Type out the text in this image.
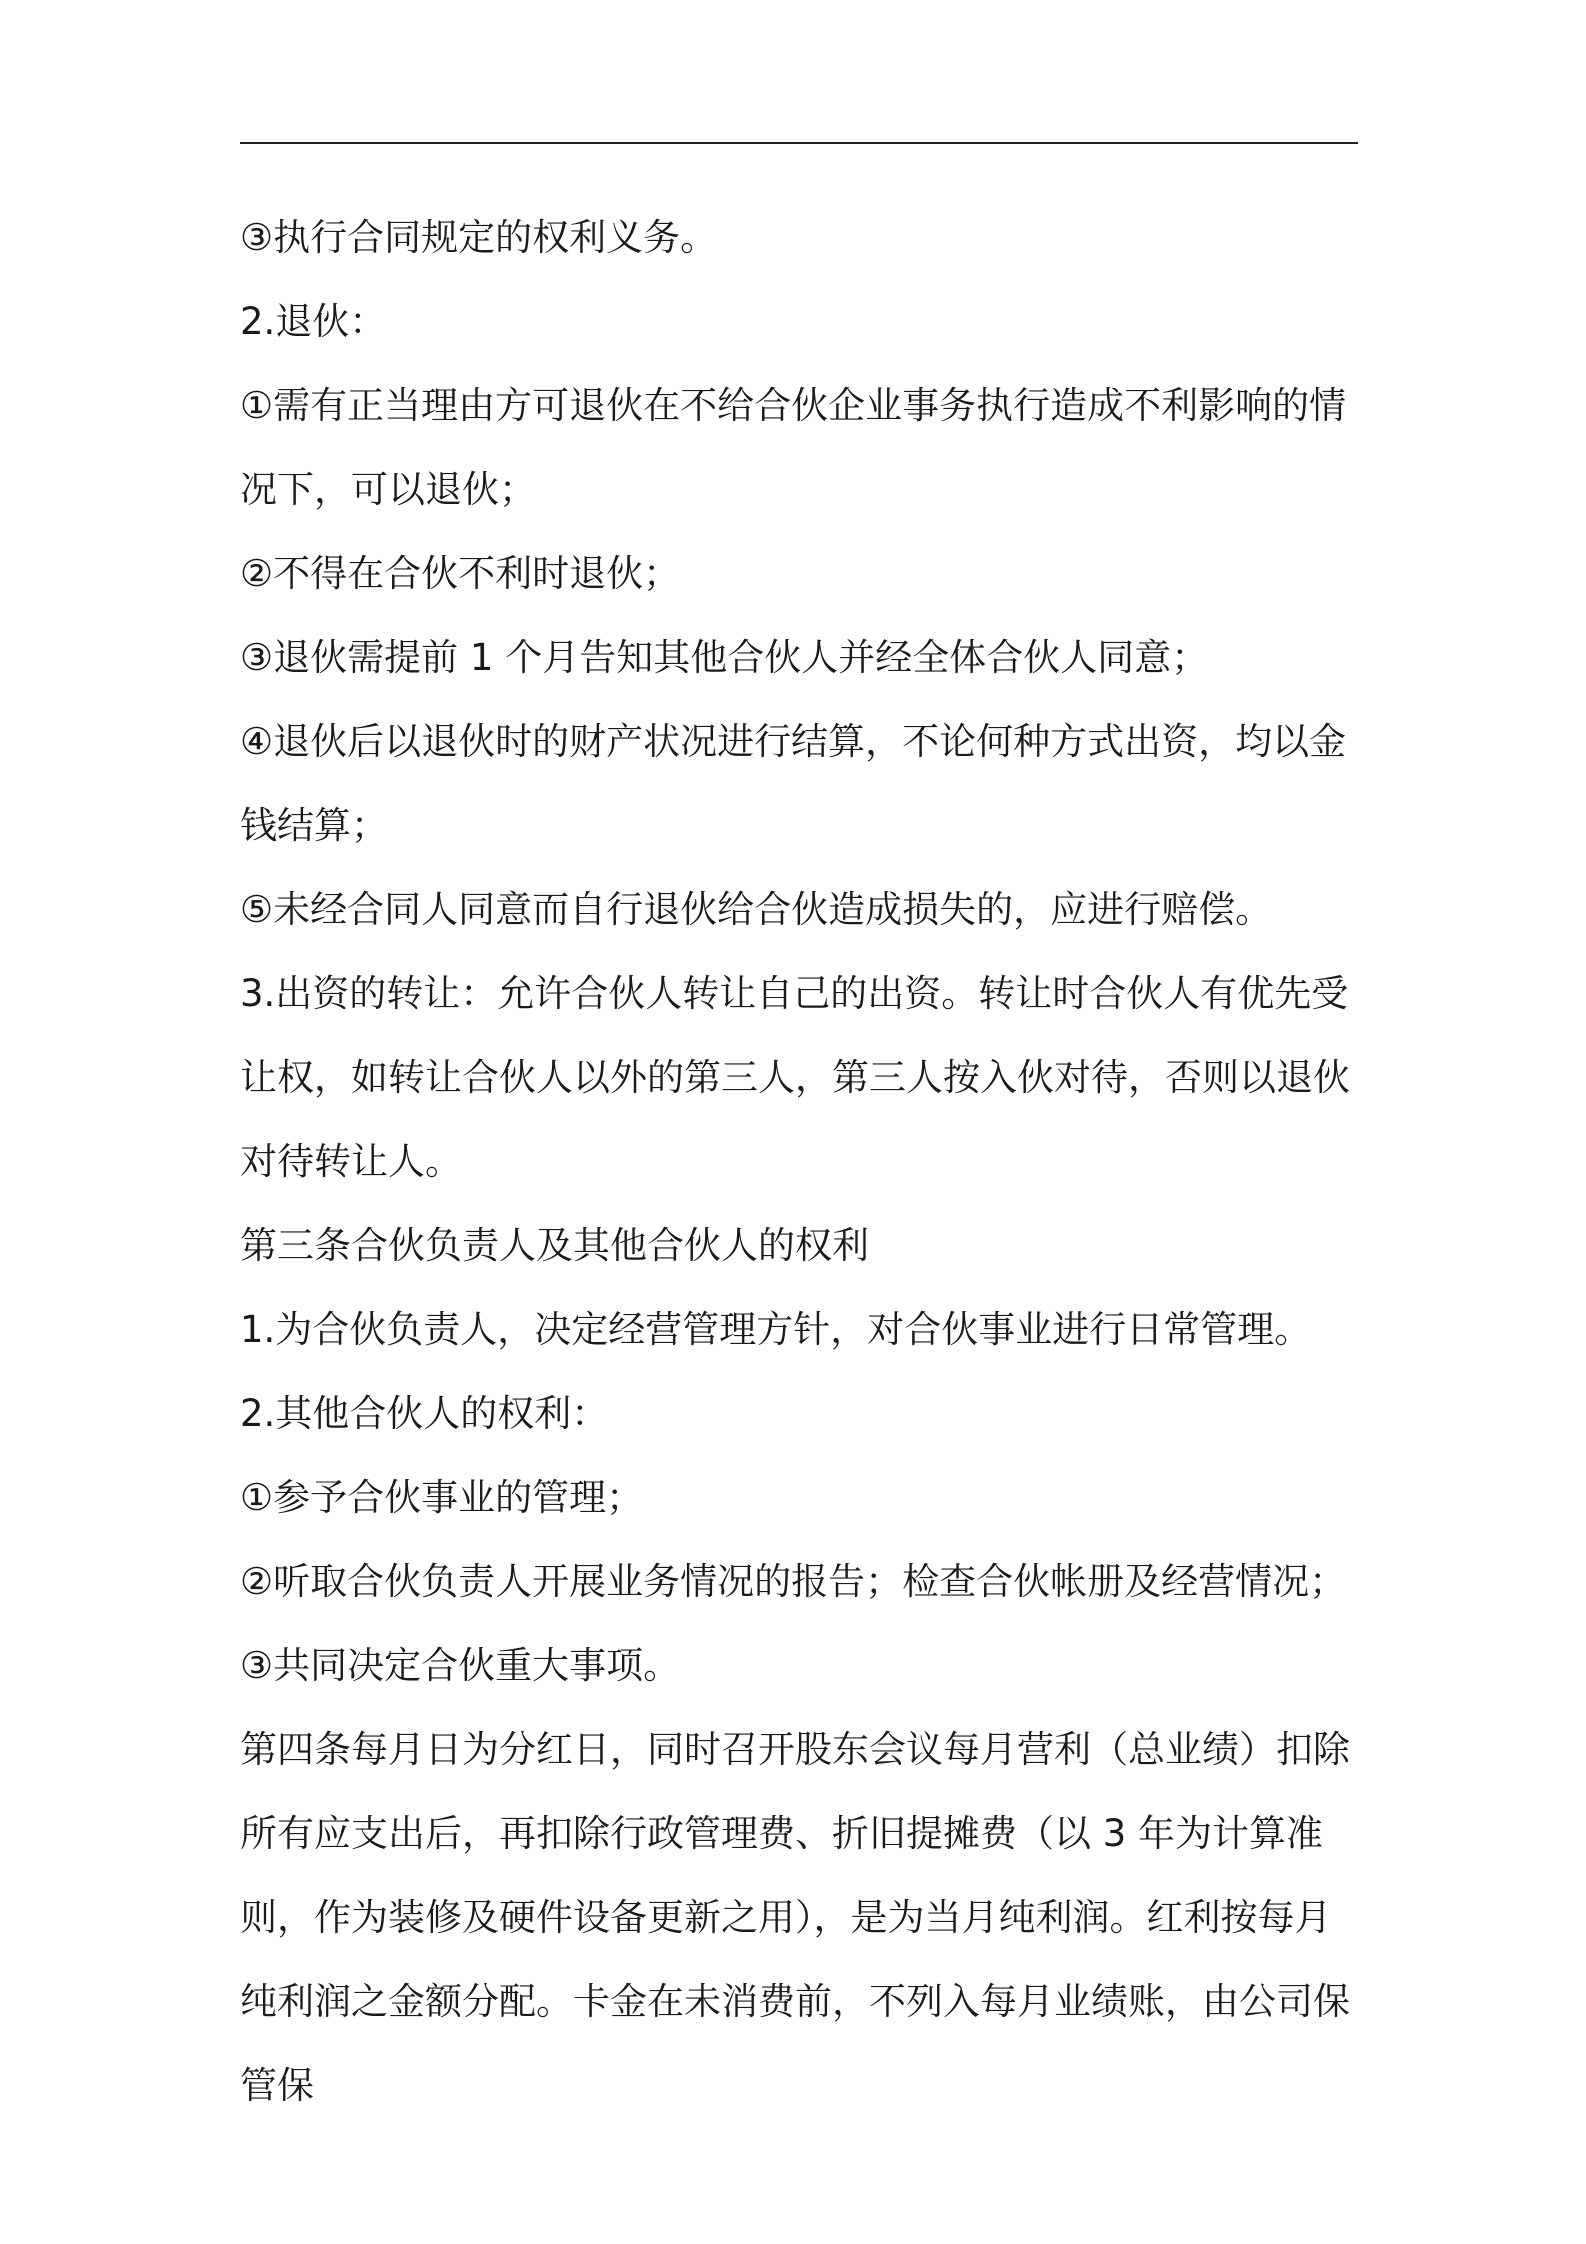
③执行合同规定的权利义务。

2.退伙：

①需有正当理由方可退伙在不给合伙企业事务执行造成不利影响的情况下，可以退伙；

②不得在合伙不利时退伙；

③退伙需提前 1 个月告知其他合伙人并经全体合伙人同意；

④退伙后以退伙时的财产状况进行结算，不论何种方式出资，均以金钱结算；

⑤未经合同人同意而自行退伙给合伙造成损失的，应进行赔偿。

3.出资的转让：允许合伙人转让自己的出资。转让时合伙人有优先受让权，如转让合伙人以外的第三人，第三人按入伙对待，否则以退伙对待转让人。

第三条合伙负责人及其他合伙人的权利

1.为合伙负责人，决定经营管理方针，对合伙事业进行日常管理。

2.其他合伙人的权利：

①参予合伙事业的管理；

②听取合伙负责人开展业务情况的报告；检查合伙帐册及经营情况；

③共同决定合伙重大事项。

第四条每月日为分红日，同时召开股东会议每月营利（总业绩）扣除所有应支出后，再扣除行政管理费、折旧提摊费（以 3 年为计算准则，作为装修及硬件设备更新之用），是为当月纯利润。红利按每月纯利润之金额分配。卡金在未消费前，不列入每月业绩账，由公司保管保
